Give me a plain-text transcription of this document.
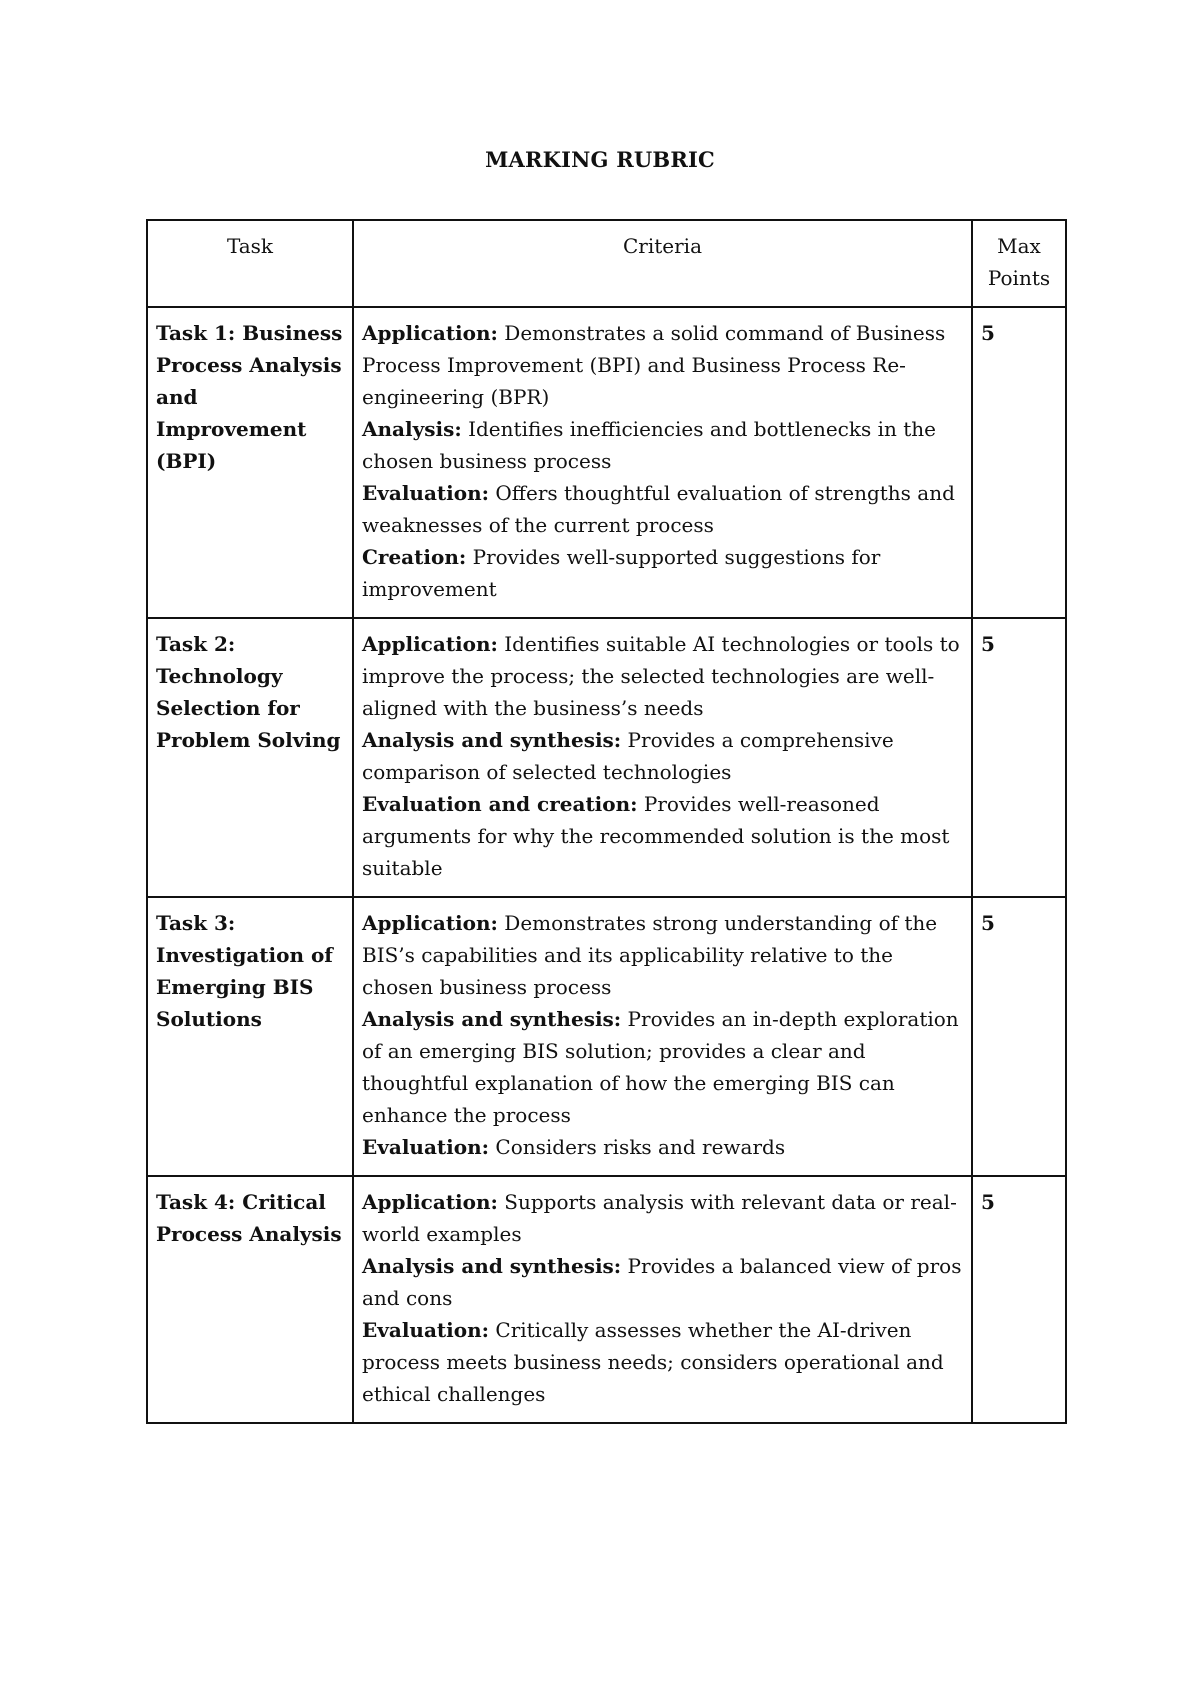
MARKING RUBRIC
Task	Criteria	Max Points

Task 1: Business Process Analysis and Improvement (BPI)	Application: Demonstrates a solid command of Business Process Improvement (BPI) and Business Process Re-engineering (BPR)
Analysis: Identifies inefficiencies and bottlenecks in the chosen business process
Evaluation: Offers thoughtful evaluation of strengths and weaknesses of the current process
Creation: Provides well-supported suggestions for improvement	5

Task 2: Technology Selection for Problem Solving	Application: Identifies suitable AI technologies or tools to improve the process; the selected technologies are well-aligned with the business’s needs
Analysis and synthesis: Provides a comprehensive comparison of selected technologies
Evaluation and creation: Provides well-reasoned arguments for why the recommended solution is the most suitable	5

Task 3: Investigation of Emerging BIS Solutions	Application: Demonstrates strong understanding of the BIS’s capabilities and its applicability relative to the chosen business process
Analysis and synthesis: Provides an in-depth exploration of an emerging BIS solution; provides a clear and thoughtful explanation of how the emerging BIS can enhance the process
Evaluation: Considers risks and rewards	5

Task 4: Critical Process Analysis	Application: Supports analysis with relevant data or real-world examples
Analysis and synthesis: Provides a balanced view of pros and cons
Evaluation: Critically assesses whether the AI-driven process meets business needs; considers operational and ethical challenges	5
